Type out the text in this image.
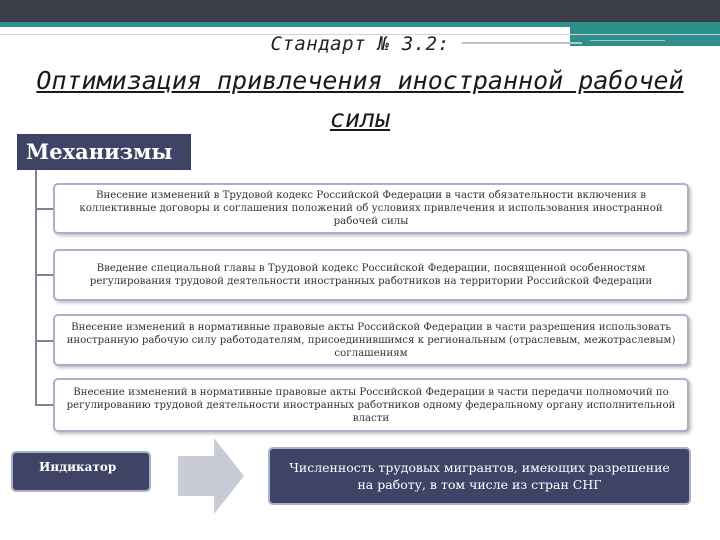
Стандарт № 3.2:
Оптимизация привлечения иностранной рабочей силы
Механизмы
Внесение изменений в Трудовой кодекс Российской Федерации в части обязательности включения в коллективные договоры и соглашения положений об условиях привлечения и использования иностранной рабочей силы
Введение специальной главы в Трудовой кодекс Российской Федерации, посвященной особенностям регулирования трудовой деятельности иностранных работников на территории Российской Федерации
Внесение изменений в нормативные правовые акты Российской Федерации в части разрешения использовать иностранную рабочую силу работодателям, присоединившимся к региональным (отраслевым, межотраслевым) соглашениям
Внесение изменений в нормативные правовые акты Российской Федерации в части передачи полномочий по регулированию трудовой деятельности иностранных работников одному федеральному органу исполнительной власти
Индикатор	Численность трудовых мигрантов, имеющих разрешение на работу, в том числе из стран СНГ
